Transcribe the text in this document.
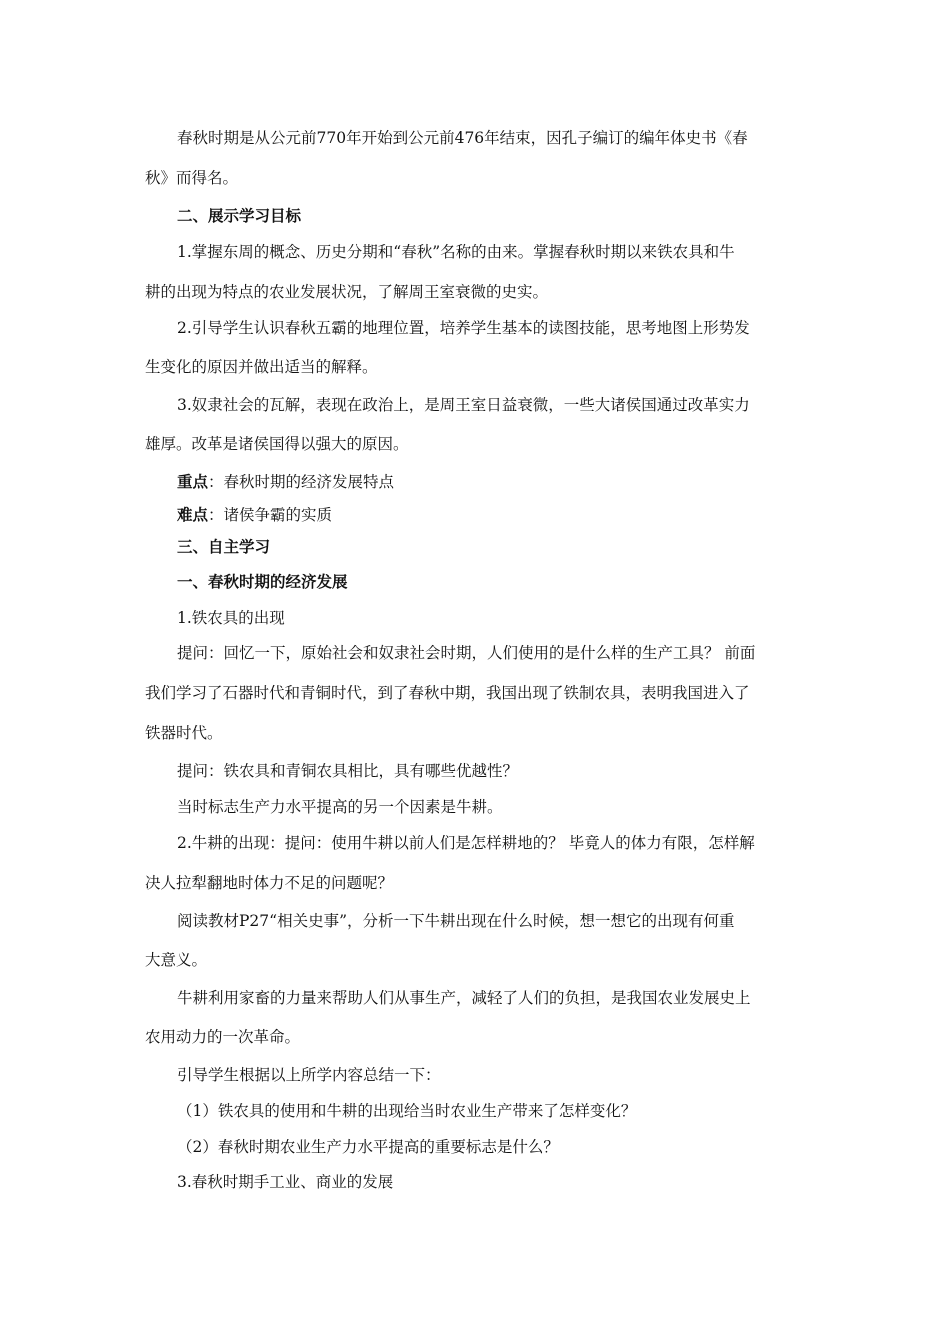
春秋时期是从公元前770年开始到公元前476年结束，因孔子编订的编年体史书《春
秋》而得名。
二、展示学习目标
1.掌握东周的概念、历史分期和“春秋”名称的由来。掌握春秋时期以来铁农具和牛
耕的出现为特点的农业发展状况，了解周王室衰微的史实。
2.引导学生认识春秋五霸的地理位置，培养学生基本的读图技能，思考地图上形势发
生变化的原因并做出适当的解释。
3.奴隶社会的瓦解，表现在政治上，是周王室日益衰微，一些大诸侯国通过改革实力
雄厚。改革是诸侯国得以强大的原因。
重点：春秋时期的经济发展特点
难点：诸侯争霸的实质
三、自主学习
一、春秋时期的经济发展
1.铁农具的出现
提问：回忆一下，原始社会和奴隶社会时期，人们使用的是什么样的生产工具？ 前面
我们学习了石器时代和青铜时代，到了春秋中期，我国出现了铁制农具，表明我国进入了
铁器时代。
提问：铁农具和青铜农具相比，具有哪些优越性？
当时标志生产力水平提高的另一个因素是牛耕。
2.牛耕的出现：提问：使用牛耕以前人们是怎样耕地的？ 毕竟人的体力有限，怎样解
决人拉犁翻地时体力不足的问题呢？
阅读教材P27“相关史事”，分析一下牛耕出现在什么时候，想一想它的出现有何重
大意义。
牛耕利用家畜的力量来帮助人们从事生产，减轻了人们的负担，是我国农业发展史上
农用动力的一次革命。
引导学生根据以上所学内容总结一下：
（1）铁农具的使用和牛耕的出现给当时农业生产带来了怎样变化？
（2）春秋时期农业生产力水平提高的重要标志是什么？
3.春秋时期手工业、商业的发展
